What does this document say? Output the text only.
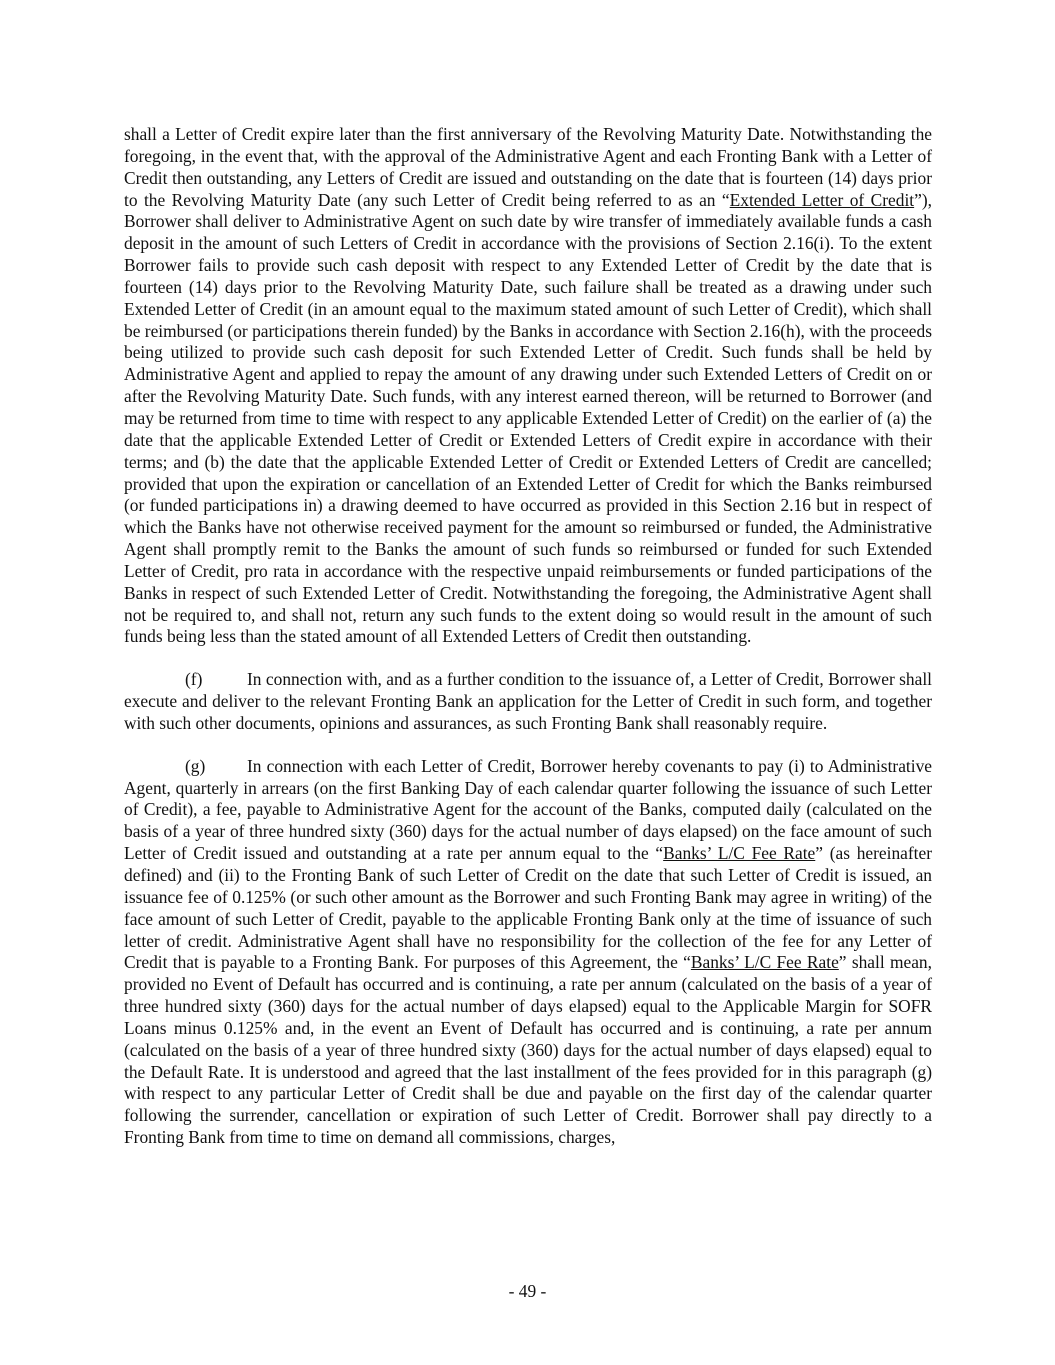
shall a Letter of Credit expire later than the first anniversary of the Revolving Maturity Date. Notwithstanding the foregoing, in the event that, with the approval of the Administrative Agent and each Fronting Bank with a Letter of Credit then outstanding, any Letters of Credit are issued and outstanding on the date that is fourteen (14) days prior to the Revolving Maturity Date (any such Letter of Credit being referred to as an “Extended Letter of Credit”), Borrower shall deliver to Administrative Agent on such date by wire transfer of immediately available funds a cash deposit in the amount of such Letters of Credit in accordance with the provisions of Section 2.16(i). To the extent Borrower fails to provide such cash deposit with respect to any Extended Letter of Credit by the date that is fourteen (14) days prior to the Revolving Maturity Date, such failure shall be treated as a drawing under such Extended Letter of Credit (in an amount equal to the maximum stated amount of such Letter of Credit), which shall be reimbursed (or participations therein funded) by the Banks in accordance with Section 2.16(h), with the proceeds being utilized to provide such cash deposit for such Extended Letter of Credit. Such funds shall be held by Administrative Agent and applied to repay the amount of any drawing under such Extended Letters of Credit on or after the Revolving Maturity Date. Such funds, with any interest earned thereon, will be returned to Borrower (and may be returned from time to time with respect to any applicable Extended Letter of Credit) on the earlier of (a) the date that the applicable Extended Letter of Credit or Extended Letters of Credit expire in accordance with their terms; and (b) the date that the applicable Extended Letter of Credit or Extended Letters of Credit are cancelled; provided that upon the expiration or cancellation of an Extended Letter of Credit for which the Banks reimbursed (or funded participations in) a drawing deemed to have occurred as provided in this Section 2.16 but in respect of which the Banks have not otherwise received payment for the amount so reimbursed or funded, the Administrative Agent shall promptly remit to the Banks the amount of such funds so reimbursed or funded for such Extended Letter of Credit, pro rata in accordance with the respective unpaid reimbursements or funded participations of the Banks in respect of such Extended Letter of Credit. Notwithstanding the foregoing, the Administrative Agent shall not be required to, and shall not, return any such funds to the extent doing so would result in the amount of such funds being less than the stated amount of all Extended Letters of Credit then outstanding.

(f)	In connection with, and as a further condition to the issuance of, a Letter of Credit, Borrower shall execute and deliver to the relevant Fronting Bank an application for the Letter of Credit in such form, and together with such other documents, opinions and assurances, as such Fronting Bank shall reasonably require.

(g) In connection with each Letter of Credit, Borrower hereby covenants to pay (i) to Administrative Agent, quarterly in arrears (on the first Banking Day of each calendar quarter following the issuance of such Letter of Credit), a fee, payable to Administrative Agent for the account of the Banks, computed daily (calculated on the basis of a year of three hundred sixty (360) days for the actual number of days elapsed) on the face amount of such Letter of Credit issued and outstanding at a rate per annum equal to the “Banks’ L/C Fee Rate” (as hereinafter defined) and (ii) to the Fronting Bank of such Letter of Credit on the date that such Letter of Credit is issued, an issuance fee of 0.125% (or such other amount as the Borrower and such Fronting Bank may agree in writing) of the face amount of such Letter of Credit, payable to the applicable Fronting Bank only at the time of issuance of such letter of credit. Administrative Agent shall have no responsibility for the collection of the fee for any Letter of Credit that is payable to a Fronting Bank. For purposes of this Agreement, the “Banks’ L/C Fee Rate” shall mean, provided no Event of Default has occurred and is continuing, a rate per annum (calculated on the basis of a year of three hundred sixty (360) days for the actual number of days elapsed) equal to the Applicable Margin for SOFR Loans minus 0.125% and, in the event an Event of Default has occurred and is continuing, a rate per annum (calculated on the basis of a year of three hundred sixty (360) days for the actual number of days elapsed) equal to the Default Rate. It is understood and agreed that the last installment of the fees provided for in this paragraph (g) with respect to any particular Letter of Credit shall be due and payable on the first day of the calendar quarter following the surrender, cancellation or expiration of such Letter of Credit. Borrower shall pay directly to a Fronting Bank from time to time on demand all commissions, charges,

- 49 -
